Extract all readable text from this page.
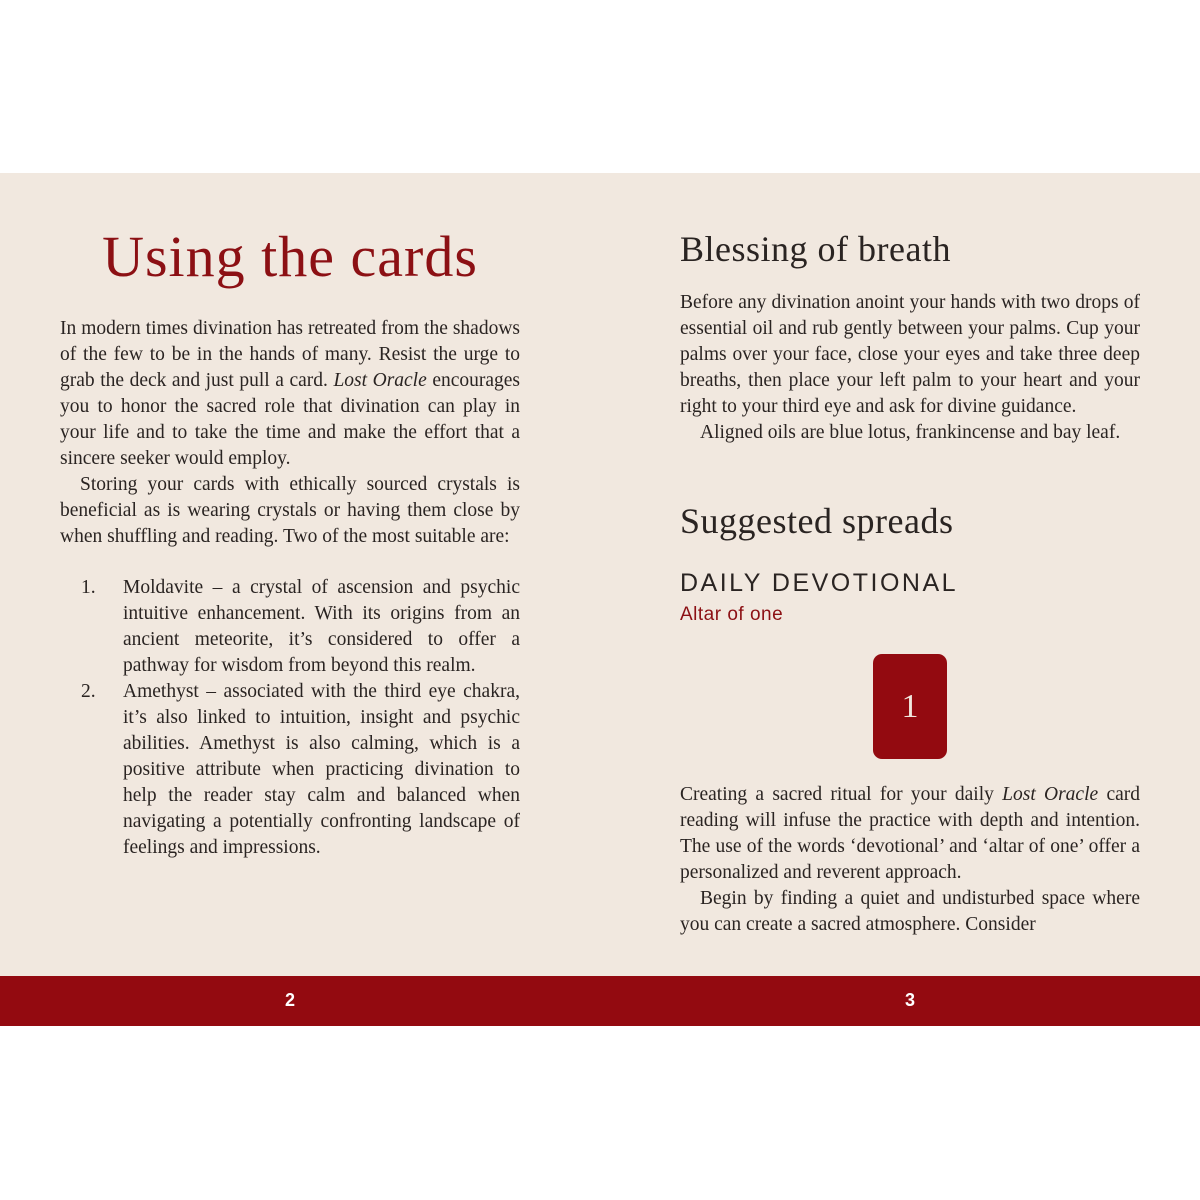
Using the cards

In modern times divination has retreated from the shadows of the few to be in the hands of many. Resist the urge to grab the deck and just pull a card. Lost Oracle encourages you to honor the sacred role that divination can play in your life and to take the time and make the effort that a sincere seeker would employ.

Storing your cards with ethically sourced crystals is beneficial as is wearing crystals or having them close by when shuffling and reading. Two of the most suitable are:

1. Moldavite – a crystal of ascension and psychic intuitive enhancement. With its origins from an ancient meteorite, it’s considered to offer a pathway for wisdom from beyond this realm.

2. Amethyst – associated with the third eye chakra, it’s also linked to intuition, insight and psychic abilities. Amethyst is also calming, which is a positive attribute when practicing divination to help the reader stay calm and balanced when navigating a potentially confronting landscape of feelings and impressions.

Blessing of breath

Before any divination anoint your hands with two drops of essential oil and rub gently between your palms. Cup your palms over your face, close your eyes and take three deep breaths, then place your left palm to your heart and your right to your third eye and ask for divine guidance.

Aligned oils are blue lotus, frankincense and bay leaf.

Suggested spreads
DAILY DEVOTIONAL
Altar of one
1

Creating a sacred ritual for your daily Lost Oracle card reading will infuse the practice with depth and intention. The use of the words ‘devotional’ and ‘altar of one’ offer a personalized and reverent approach.

Begin by finding a quiet and undisturbed space where you can create a sacred atmosphere. Consider

2	3
